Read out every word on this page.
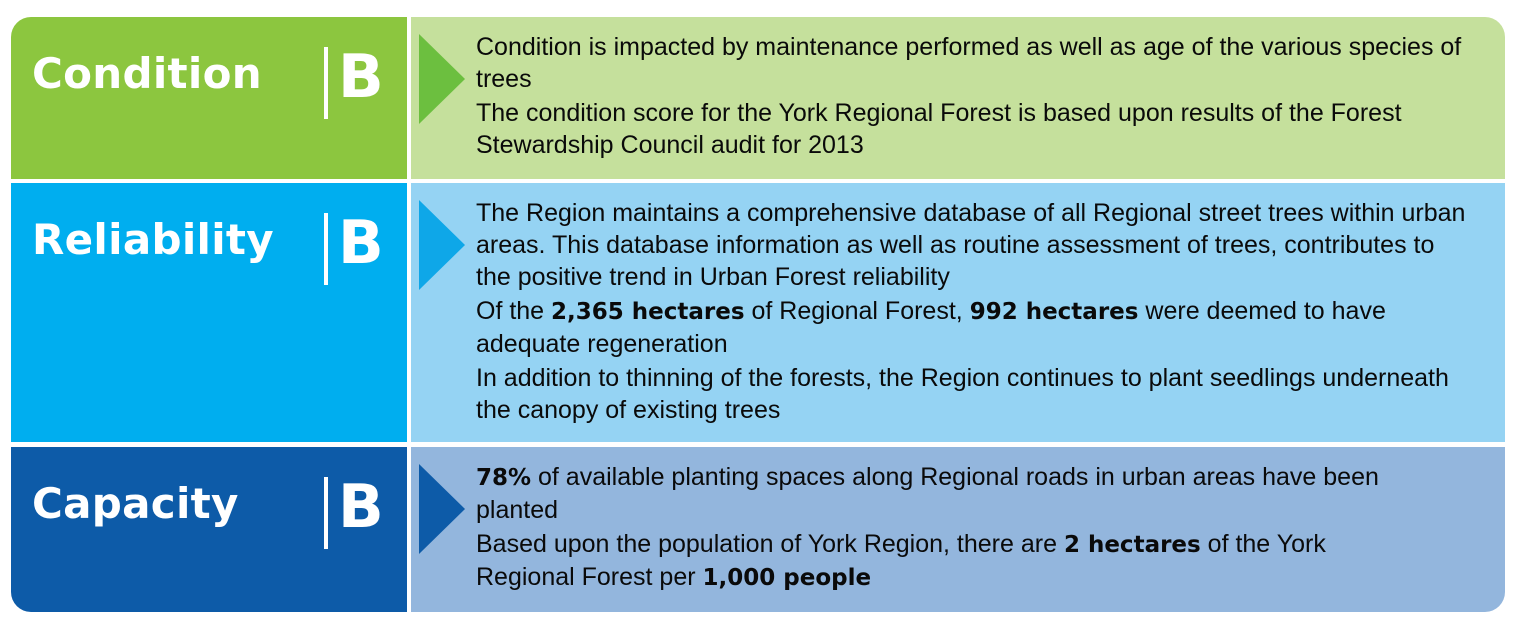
Condition B	Condition is impacted by maintenance performed as well as age of the various species of trees
The condition score for the York Regional Forest is based upon results of the Forest Stewardship Council audit for 2013
Reliability B	The Region maintains a comprehensive database of all Regional street trees within urban areas. This database information as well as routine assessment of trees, contributes to the positive trend in Urban Forest reliability
Of the 2,365 hectares of Regional Forest, 992 hectares were deemed to have adequate regeneration
In addition to thinning of the forests, the Region continues to plant seedlings underneath the canopy of existing trees
Capacity B	78% of available planting spaces along Regional roads in urban areas have been planted
Based upon the population of York Region, there are 2 hectares of the York Regional Forest per 1,000 people
